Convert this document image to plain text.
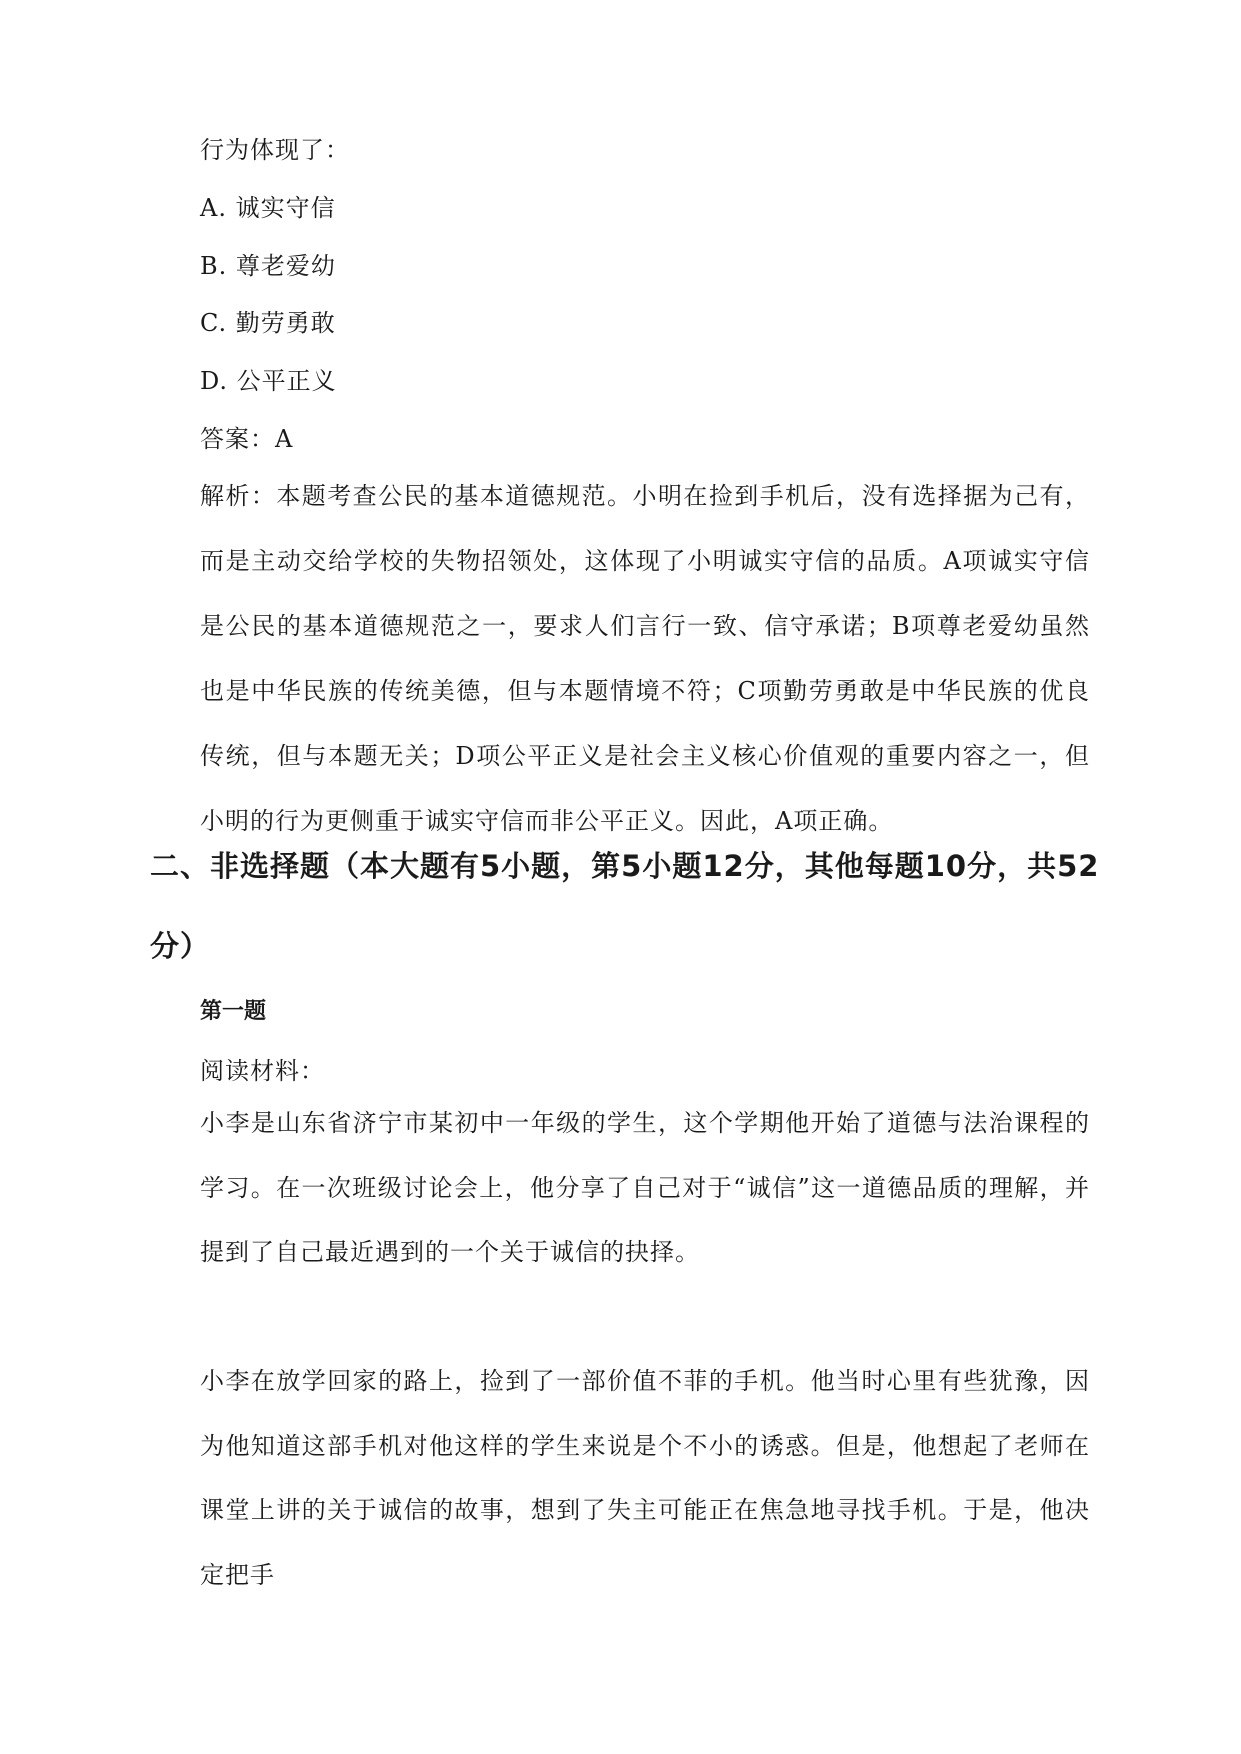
行为体现了：
A. 诚实守信
B. 尊老爱幼
C. 勤劳勇敢
D. 公平正义
答案：A
解析：本题考查公民的基本道德规范。小明在捡到手机后，没有选择据为己有，而是主动交给学校的失物招领处，这体现了小明诚实守信的品质。A项诚实守信是公民的基本道德规范之一，要求人们言行一致、信守承诺；B项尊老爱幼虽然也是中华民族的传统美德，但与本题情境不符；C项勤劳勇敢是中华民族的优良传统，但与本题无关；D项公平正义是社会主义核心价值观的重要内容之一，但小明的行为更侧重于诚实守信而非公平正义。因此，A项正确。
二、非选择题（本大题有5小题，第5小题12分，其他每题10分，共52分）
第一题
阅读材料：
小李是山东省济宁市某初中一年级的学生，这个学期他开始了道德与法治课程的学习。在一次班级讨论会上，他分享了自己对于“诚信”这一道德品质的理解，并提到了自己最近遇到的一个关于诚信的抉择。
小李在放学回家的路上，捡到了一部价值不菲的手机。他当时心里有些犹豫，因为他知道这部手机对他这样的学生来说是个不小的诱惑。但是，他想起了老师在课堂上讲的关于诚信的故事，想到了失主可能正在焦急地寻找手机。于是，他决定把手
